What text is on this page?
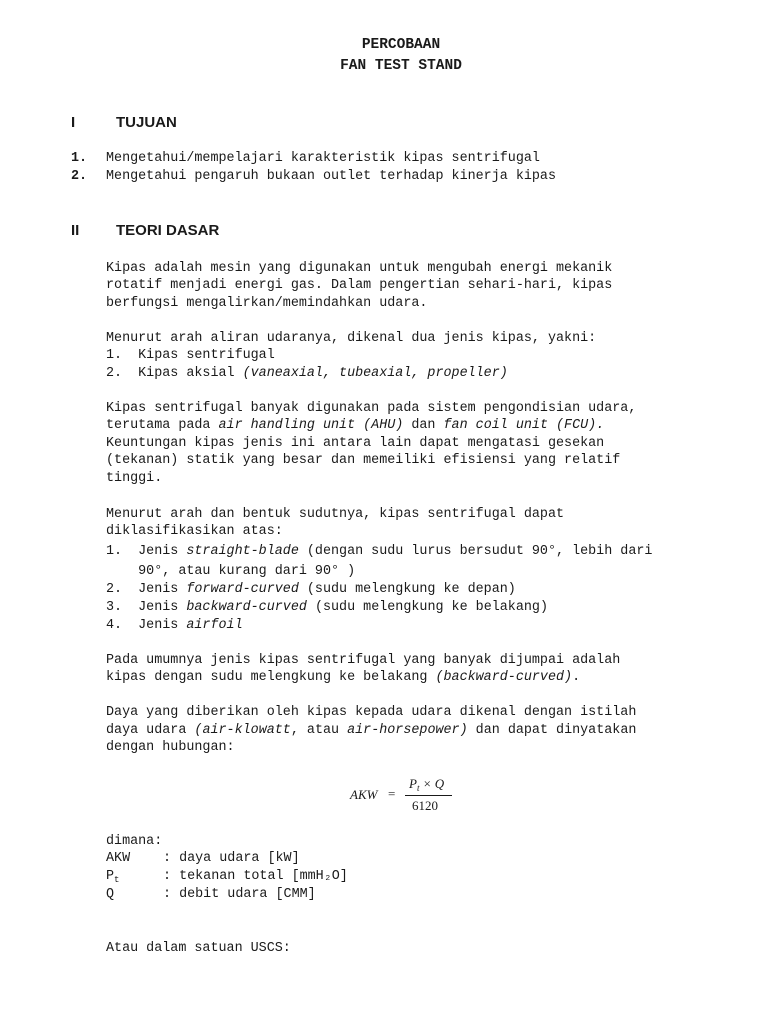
PERCOBAAN
FAN TEST STAND
I	TUJUAN
1. Mengetahui/mempelajari karakteristik kipas sentrifugal
2. Mengetahui pengaruh bukaan outlet terhadap kinerja kipas
II TEORI DASAR
Kipas adalah mesin yang digunakan untuk mengubah energi mekanik
rotatif menjadi energi gas. Dalam pengertian sehari-hari, kipas
berfungsi mengalirkan/memindahkan udara.
Menurut arah aliran udaranya, dikenal dua jenis kipas, yakni:
1.  Kipas sentrifugal
2.  Kipas aksial (vaneaxial, tubeaxial, propeller)
Kipas sentrifugal banyak digunakan pada sistem pengondisian udara,
terutama pada air handling unit (AHU) dan fan coil unit (FCU).
Keuntungan kipas jenis ini antara lain dapat mengatasi gesekan
(tekanan) statik yang besar dan memeiliki efisiensi yang relatif
tinggi.
Menurut arah dan bentuk sudutnya, kipas sentrifugal dapat
diklasifikasikan atas:
1.  Jenis straight-blade (dengan sudu lurus bersudut 90°, lebih dari
90°, atau kurang dari 90° )
2.  Jenis forward-curved (sudu melengkung ke depan)
3.  Jenis backward-curved (sudu melengkung ke belakang)
4.  Jenis airfoil
Pada umumnya jenis kipas sentrifugal yang banyak dijumpai adalah
kipas dengan sudu melengkung ke belakang (backward-curved).
Daya yang diberikan oleh kipas kepada udara dikenal dengan istilah
daya udara (air-klowatt, atau air-horsepower) dan dapat dinyatakan
dengan hubungan:
AKW =
$P_t \times Q$
6120
dimana:
AKW : daya udara [kW]
$P_t$	: tekanan total [mmH₂O]
Q	: debit udara [CMM]
Atau dalam satuan USCS:
